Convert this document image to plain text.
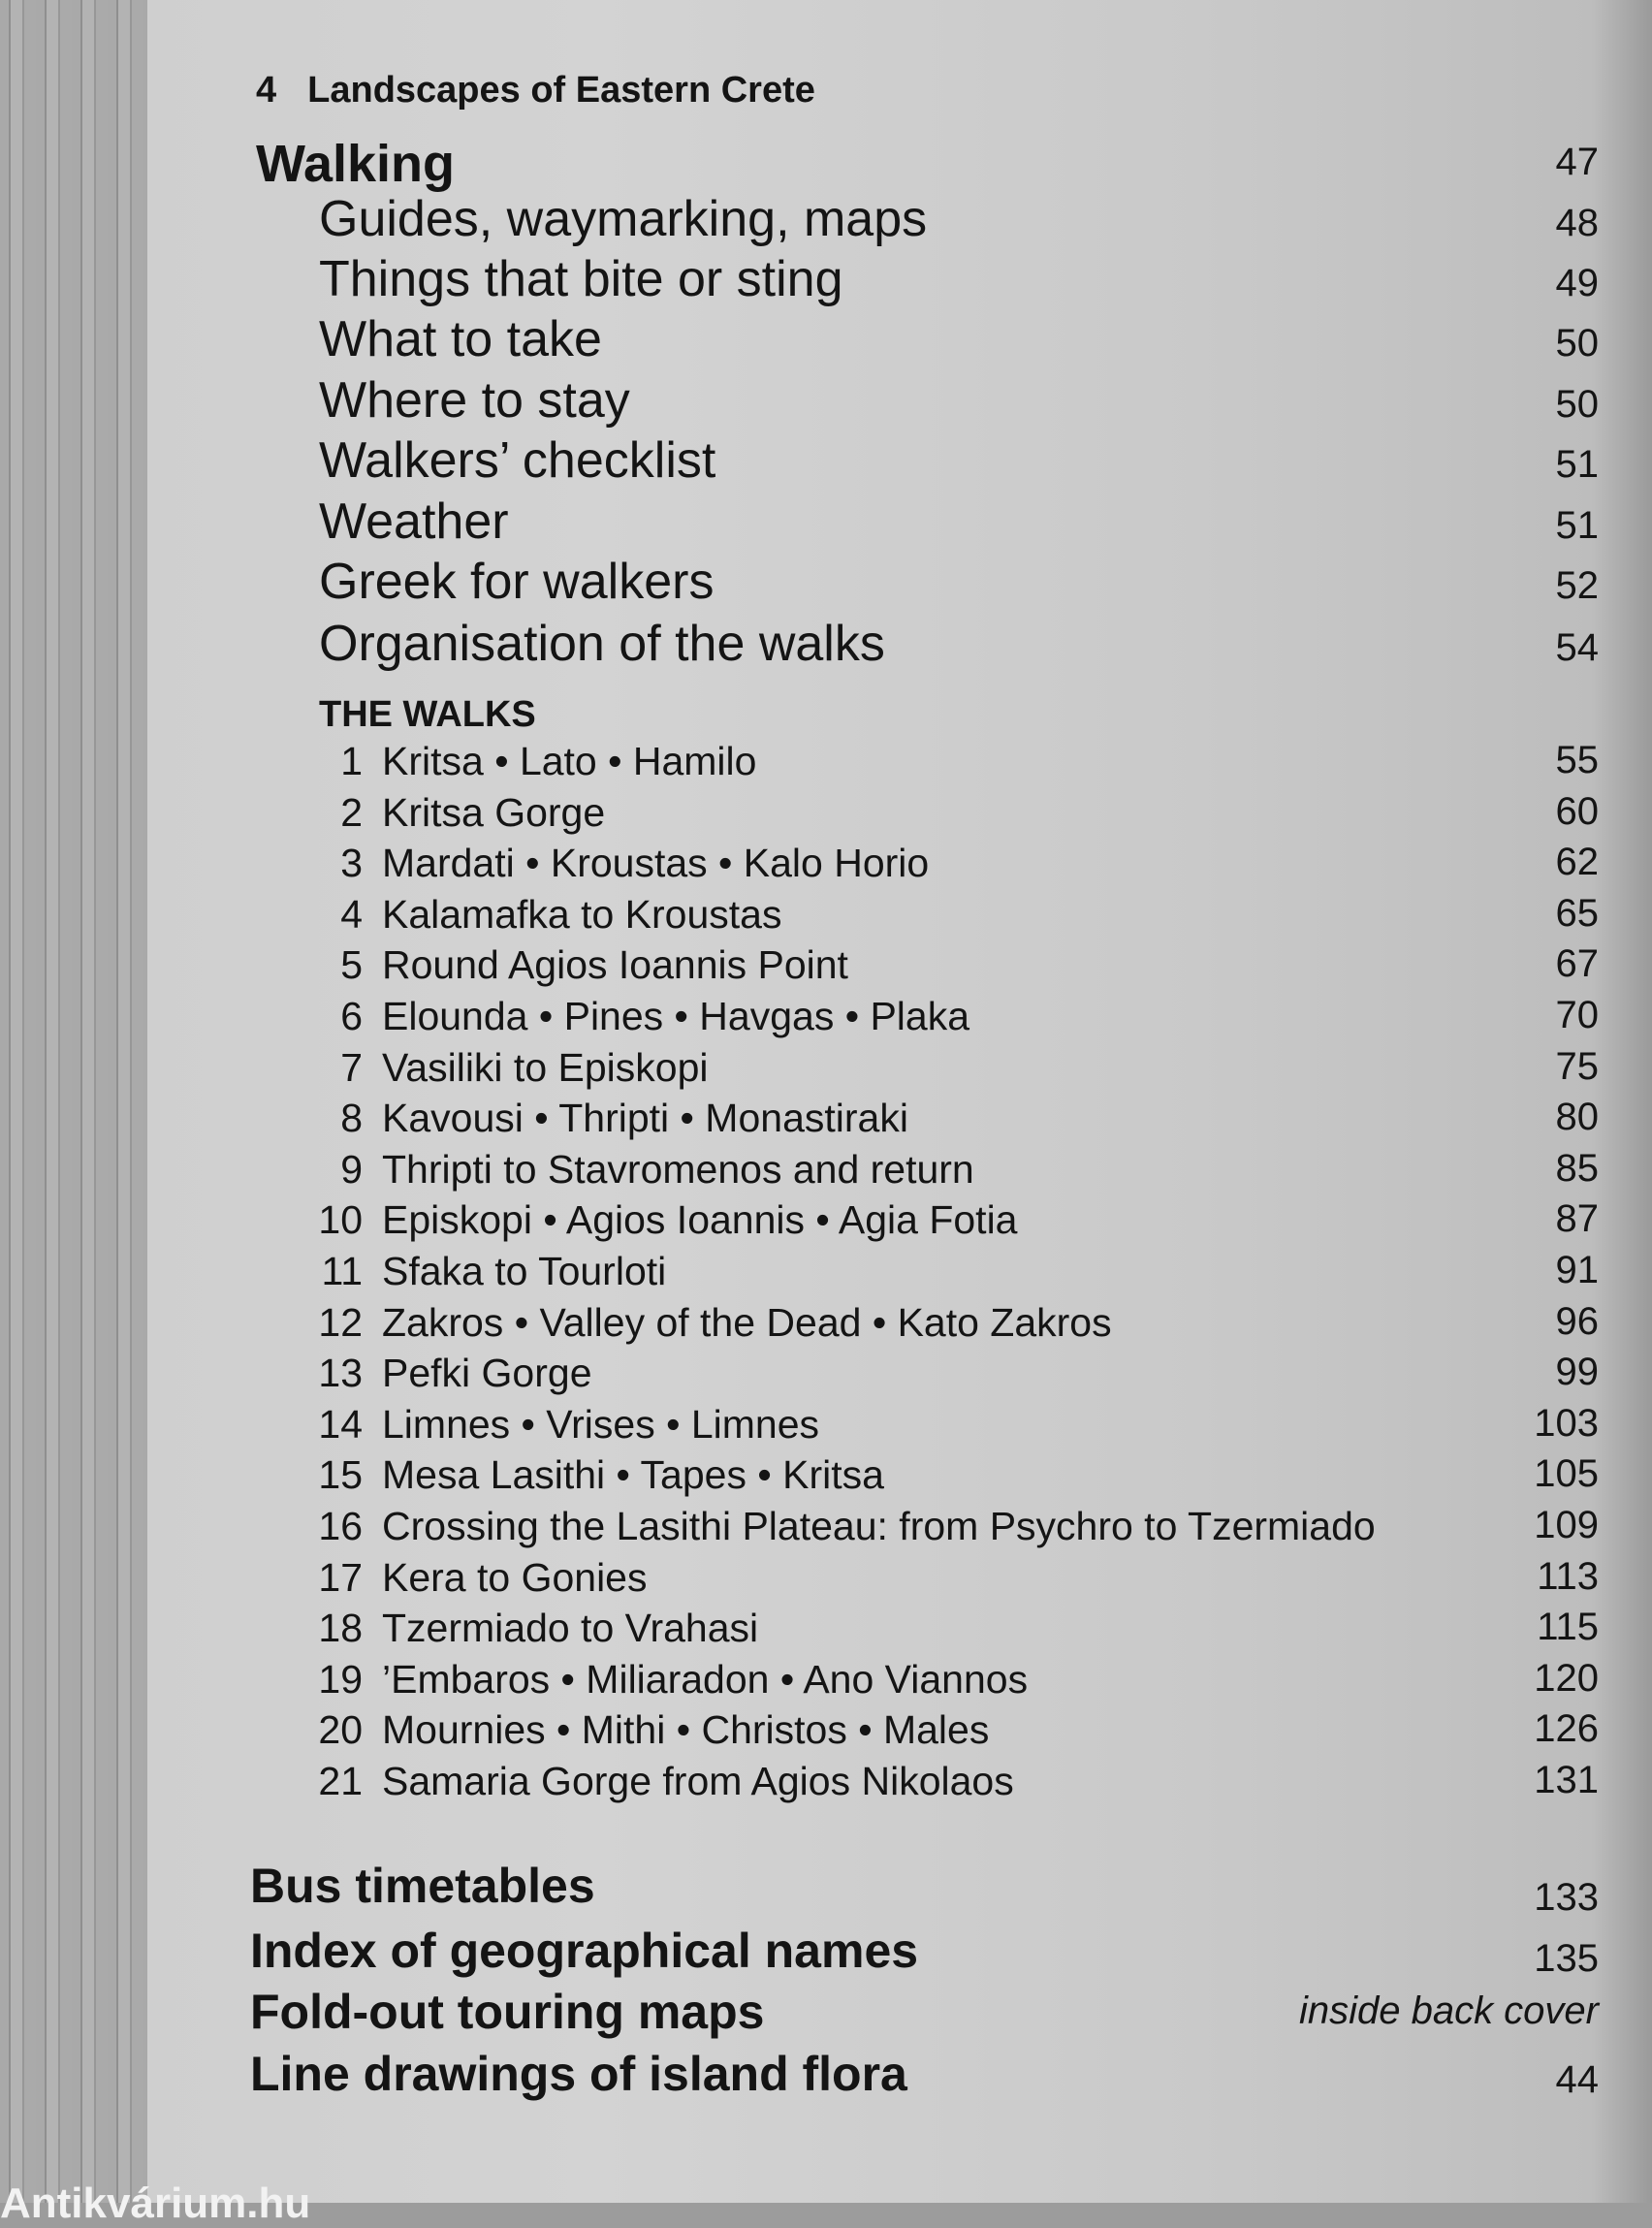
4 Landscapes of Eastern Crete
Walking	47
Guides, waymarking, maps	48
Things that bite or sting	49
What to take	50
Where to stay	50
Walkers’ checklist	51
Weather	51
Greek for walkers	52
Organisation of the walks	54
THE WALKS
1 Kritsa • Lato • Hamilo	55
2 Kritsa Gorge	60
3 Mardati • Kroustas • Kalo Horio	62
4 Kalamafka to Kroustas	65
5 Round Agios Ioannis Point	67
6 Elounda • Pines • Havgas • Plaka	70
7 Vasiliki to Episkopi	75
8 Kavousi • Thripti • Monastiraki	80
9 Thripti to Stavromenos and return	85
10 Episkopi • Agios Ioannis • Agia Fotia	87
11 Sfaka to Tourloti	91
12 Zakros • Valley of the Dead • Kato Zakros	96
13 Pefki Gorge	99
14 Limnes • Vrises • Limnes	103
15 Mesa Lasithi • Tapes • Kritsa	105
16 Crossing the Lasithi Plateau: from Psychro to Tzermiado	109
17 Kera to Gonies	113
18 Tzermiado to Vrahasi	115
19 ’Embaros • Miliaradon • Ano Viannos	120
20 Mournies • Mithi • Christos • Males	126
21 Samaria Gorge from Agios Nikolaos	131
Bus timetables	133
Index of geographical names	135
Fold-out touring maps	inside back cover
Line drawings of island flora	44
Antikvárium.hu
